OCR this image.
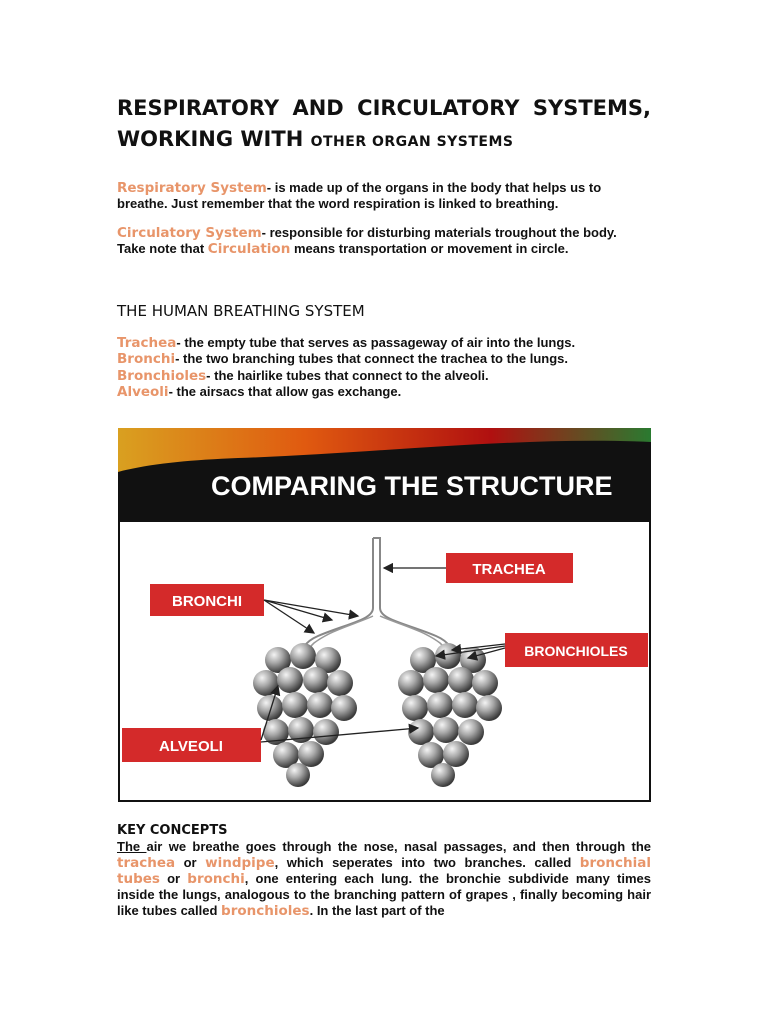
RESPIRATORY AND CIRCULATORY SYSTEMS,
WORKING WITH OTHER ORGAN SYSTEMS

Respiratory System- is made up of the organs in the body that helps us to breathe. Just remember that the word respiration is linked to breathing.

Circulatory System- responsible for disturbing materials troughout the body.
Take note that Circulation means transportation or movement in circle.

THE HUMAN BREATHING SYSTEM
Trachea- the empty tube that serves as passageway of air into the lungs.
Bronchi- the two branching tubes that connect the trachea to the lungs.
Bronchioles- the hairlike tubes that connect to the alveoli.
Alveoli- the airsacs that allow gas exchange.
COMPARING THE STRUCTURE
TRACHEA
BRONCHI
BRONCHIOLES
ALVEOLI
KEY CONCEPTS

The air we breathe goes through the nose, nasal passages, and then through the trachea or windpipe, which seperates into two branches. called bronchial tubes or bronchi, one entering each lung. the bronchie subdivide many times inside the lungs, analogous to the branching pattern of grapes , finally becoming hair like tubes called bronchioles. In the last part of the
